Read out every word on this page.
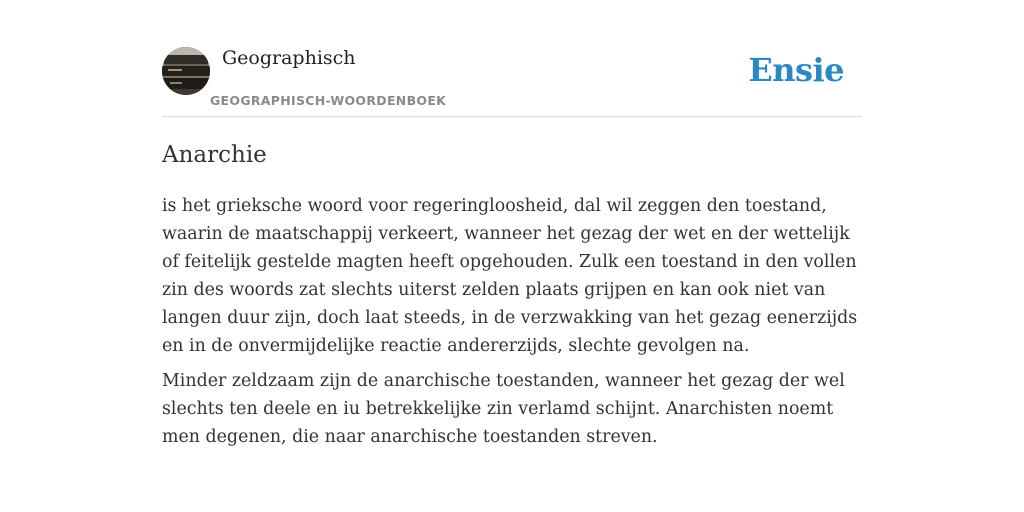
Geographisch
GEOGRAPHISCH-WOORDENBOEK
Ensie
Anarchie

is het grieksche woord voor regeringloosheid, dal wil zeggen den toestand, waarin de maatschappij verkeert, wanneer het gezag der wet en der wettelijk of feitelijk gestelde magten heeft opgehouden. Zulk een toestand in den vollen zin des woords zat slechts uiterst zelden plaats grijpen en kan ook niet van langen duur zijn, doch laat steeds, in de verzwakking van het gezag eenerzijds en in de onvermijdelijke reactie andererzijds, slechte gevolgen na.

Minder zeldzaam zijn de anarchische toestanden, wanneer het gezag der wel slechts ten deele en iu betrekkelijke zin verlamd schijnt. Anarchisten noemt men degenen, die naar anarchische toestanden streven.
